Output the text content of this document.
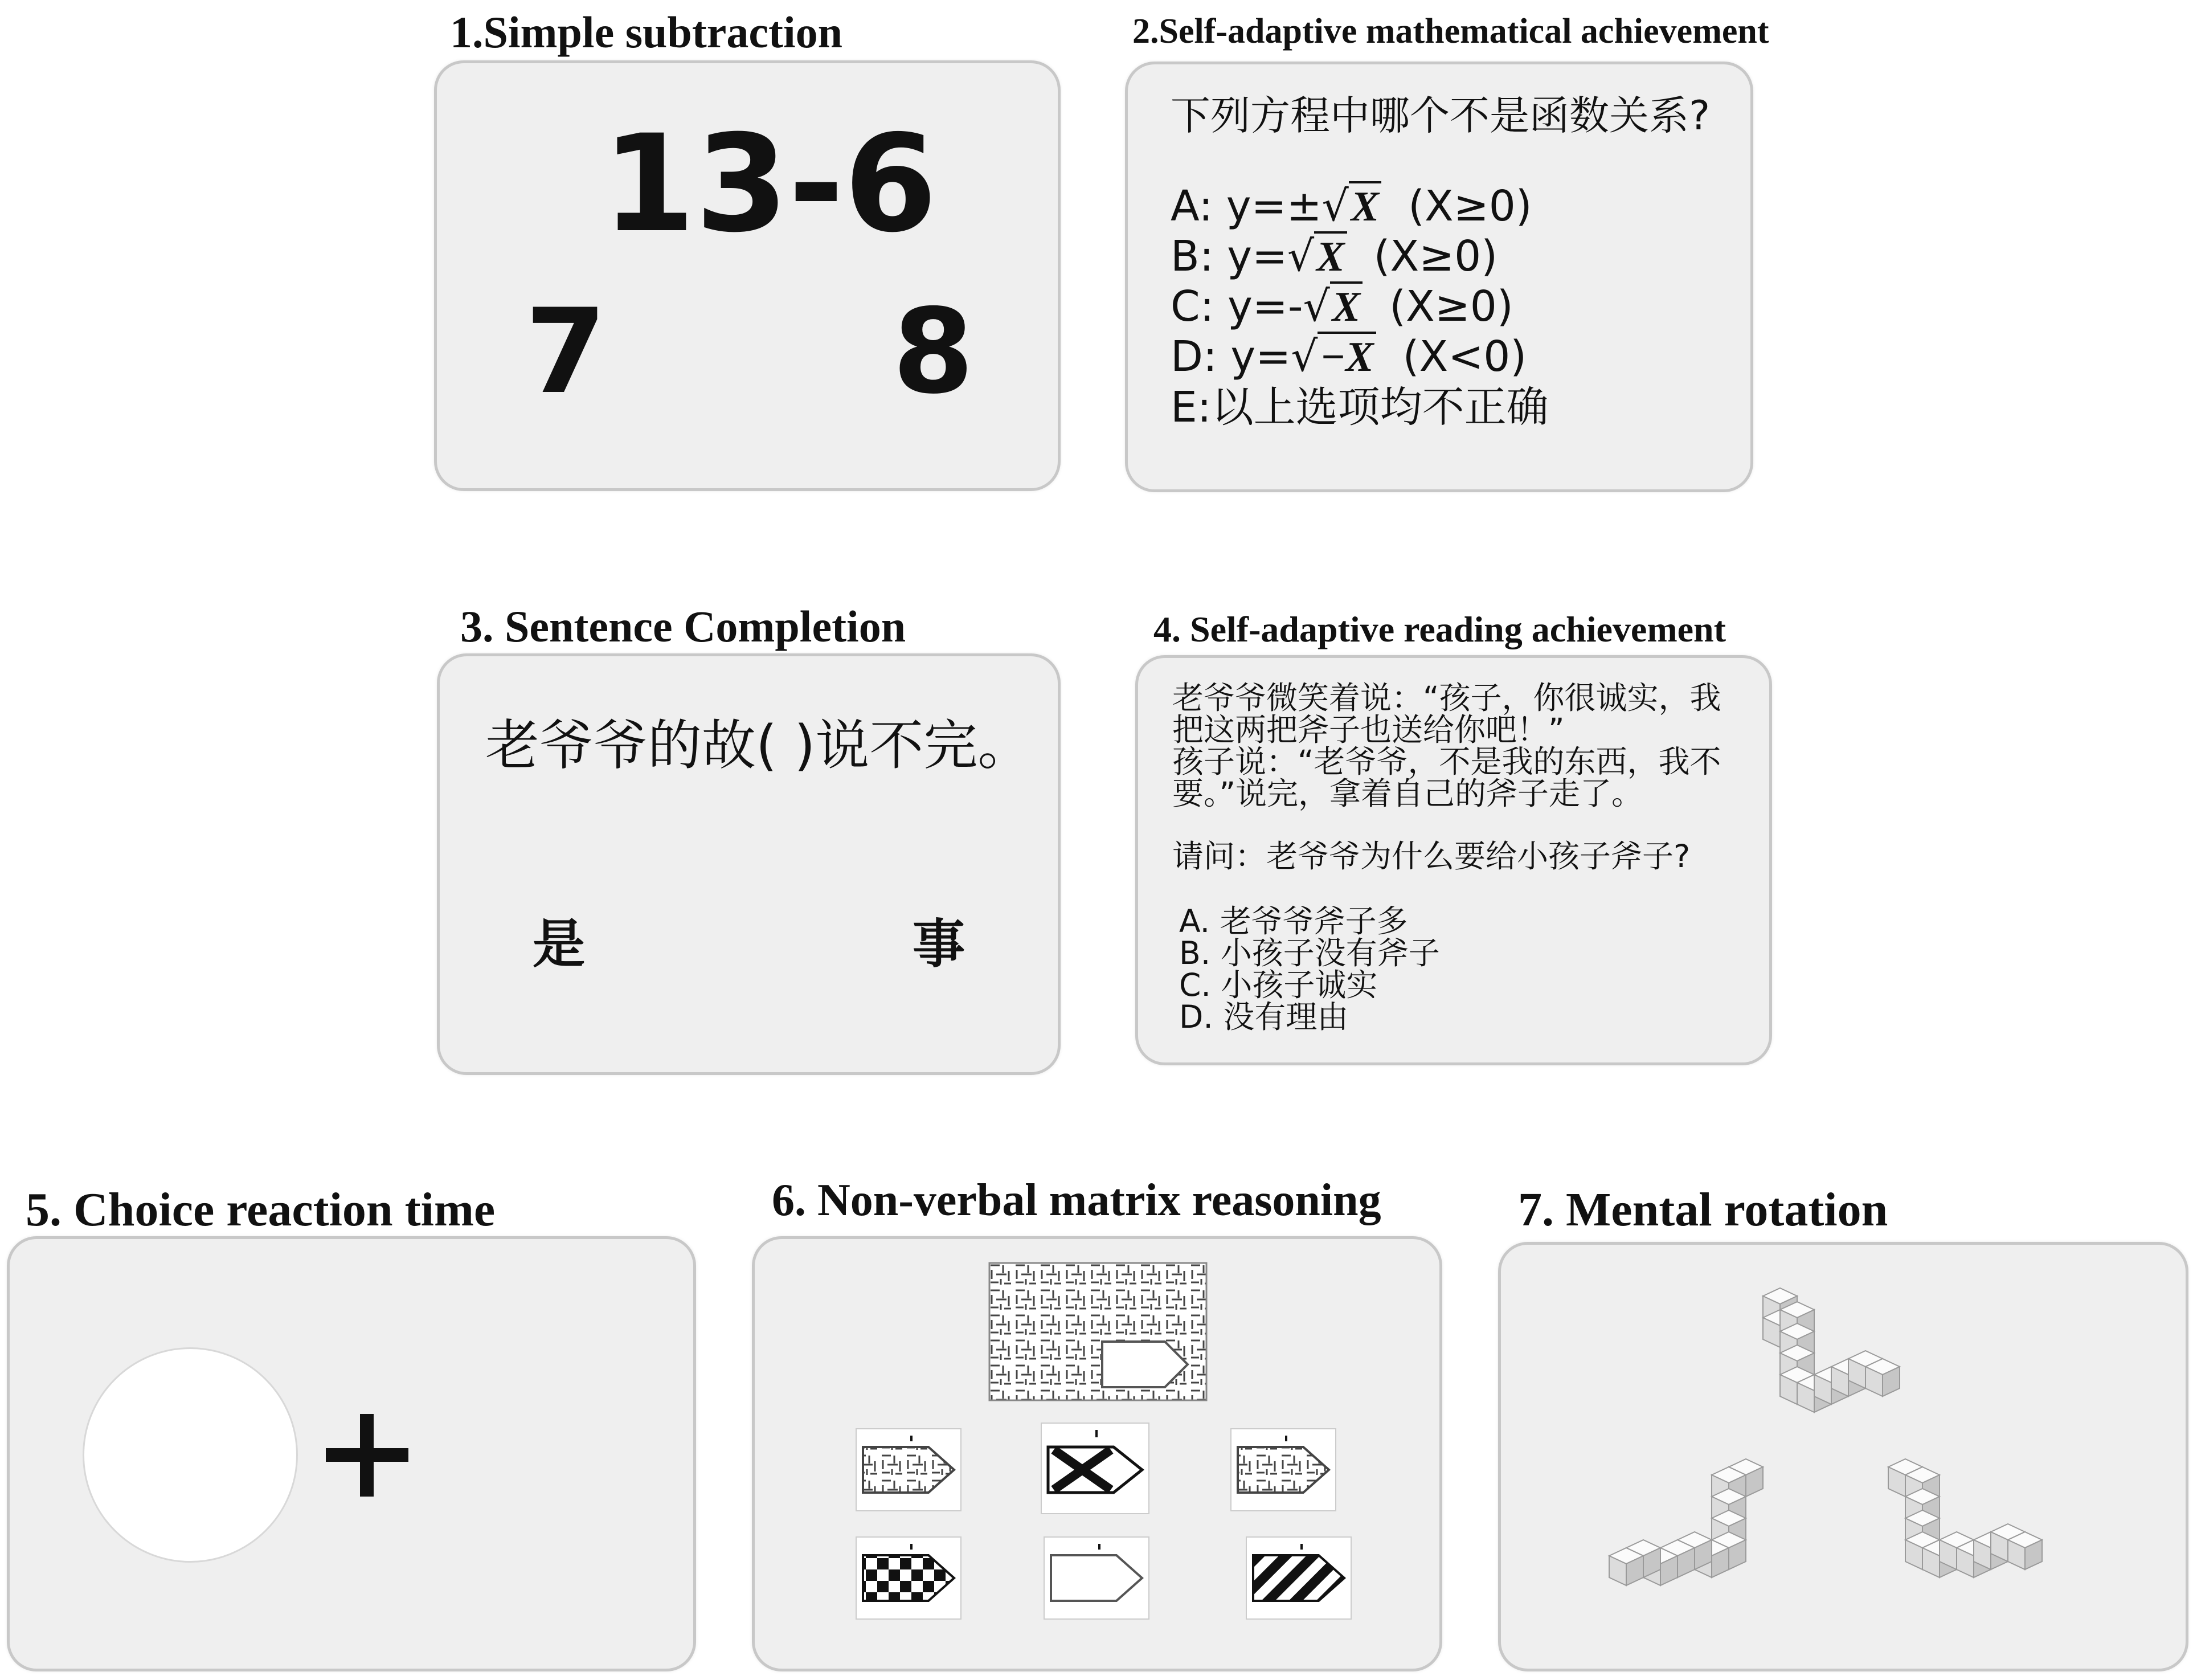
1.Simple subtraction
13-6
7 8
2.Self-adaptive mathematical achievement
下列方程中哪个不是函数关系?
A: y=±√X (X≥0)
B: y=√X (X≥0)
C: y=-√X (X≥0)
D: y=√−X (X<0)
E:以上选项均不正确
3. Sentence Completion
老爷爷的故( )说不完。
是	事
4. Self-adaptive reading achievement
老爷爷微笑着说：“孩子，你很诚实，我
把这两把斧子也送给你吧！”
孩子说：“老爷爷，不是我的东西，我不
要。”说完，拿着自己的斧子走了。
请问：老爷爷为什么要给小孩子斧子?
A. 老爷爷斧子多
B. 小孩子没有斧子
C. 小孩子诚实
D. 没有理由
5. Choice reaction time	6. Non-verbal matrix reasoning	7. Mental rotation
